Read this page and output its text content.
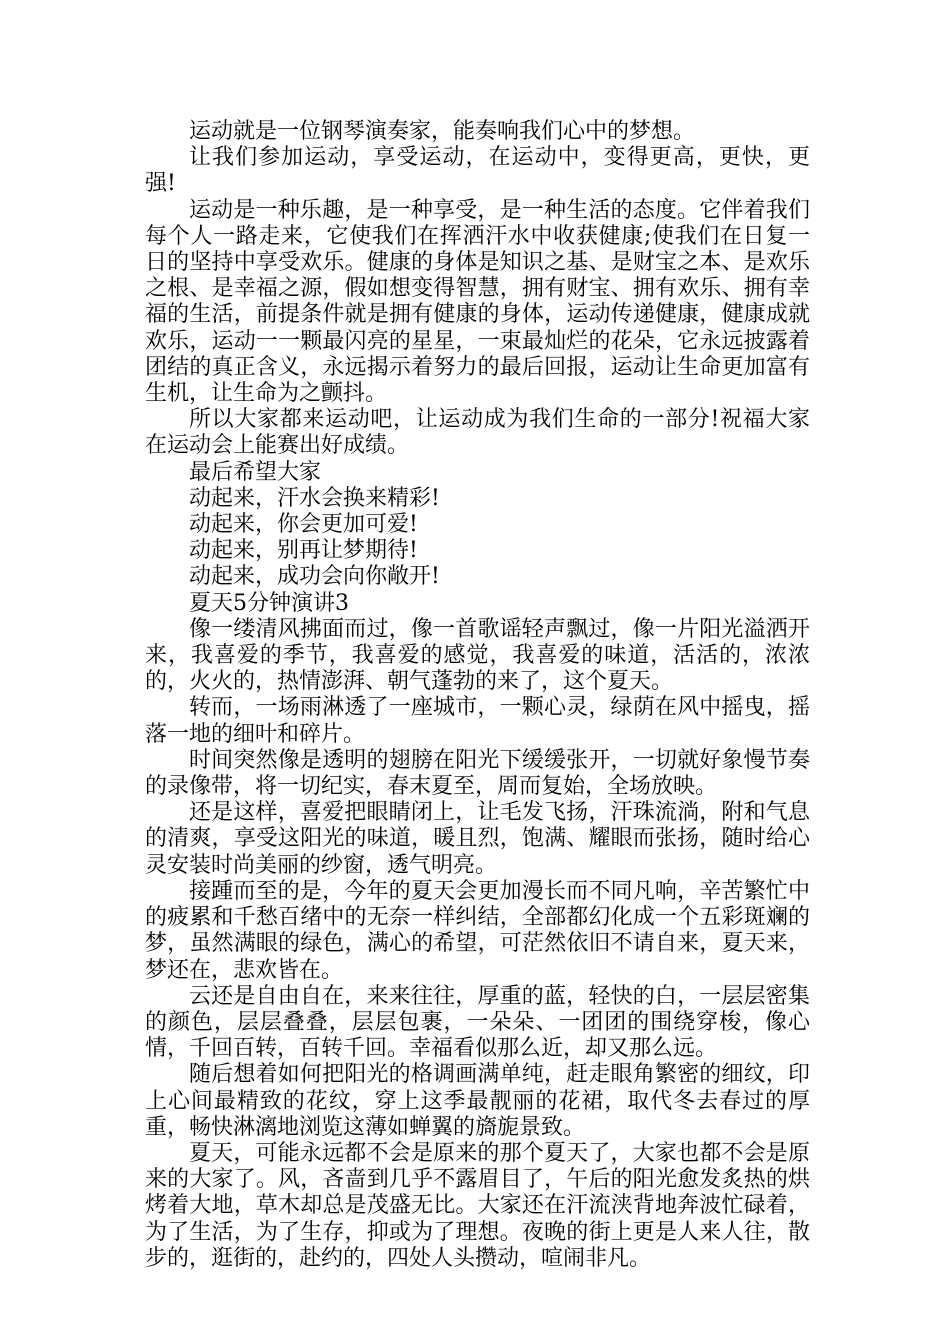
运动就是一位钢琴演奏家，能奏响我们心中的梦想。

让我们参加运动，享受运动，在运动中，变得更高，更快，更强!

运动是一种乐趣，是一种享受，是一种生活的态度。它伴着我们每个人一路走来，它使我们在挥洒汗水中收获健康;使我们在日复一日的坚持中享受欢乐。健康的身体是知识之基、是财宝之本、是欢乐之根、是幸福之源，假如想变得智慧，拥有财宝、拥有欢乐、拥有幸福的生活，前提条件就是拥有健康的身体，运动传递健康，健康成就欢乐，运动一一颗最闪亮的星星，一束最灿烂的花朵，它永远披露着团结的真正含义，永远揭示着努力的最后回报，运动让生命更加富有生机，让生命为之颤抖。

所以大家都来运动吧，让运动成为我们生命的一部分!祝福大家在运动会上能赛出好成绩。

最后希望大家

动起来，汗水会换来精彩!

动起来，你会更加可爱!

动起来，别再让梦期待!

动起来，成功会向你敞开!

夏天5分钟演讲3

像一缕清风拂面而过，像一首歌谣轻声飘过，像一片阳光溢洒开来，我喜爱的季节，我喜爱的感觉，我喜爱的味道，活活的，浓浓的，火火的，热情澎湃、朝气蓬勃的来了，这个夏天。

转而，一场雨淋透了一座城市，一颗心灵，绿荫在风中摇曳，摇落一地的细叶和碎片。

时间突然像是透明的翅膀在阳光下缓缓张开，一切就好象慢节奏的录像带，将一切纪实，春末夏至，周而复始，全场放映。

还是这样，喜爱把眼睛闭上，让毛发飞扬，汗珠流淌，附和气息的清爽，享受这阳光的味道，暖且烈，饱满、耀眼而张扬，随时给心灵安装时尚美丽的纱窗，透气明亮。

接踵而至的是，今年的夏天会更加漫长而不同凡响，辛苦繁忙中的疲累和千愁百绪中的无奈一样纠结，全部都幻化成一个五彩斑斓的梦，虽然满眼的绿色，满心的希望，可茫然依旧不请自来，夏天来，梦还在，悲欢皆在。

云还是自由自在，来来往往，厚重的蓝，轻快的白，一层层密集的颜色，层层叠叠，层层包裹，一朵朵、一团团的围绕穿梭，像心情，千回百转，百转千回。幸福看似那么近，却又那么远。

随后想着如何把阳光的格调画满单纯，赶走眼角繁密的细纹，印上心间最精致的花纹，穿上这季最靓丽的花裙，取代冬去春过的厚重，畅快淋漓地浏览这薄如蝉翼的旖旎景致。

夏天，可能永远都不会是原来的那个夏天了，大家也都不会是原来的大家了。风，吝啬到几乎不露眉目了，午后的阳光愈发炙热的烘烤着大地，草木却总是茂盛无比。大家还在汗流浃背地奔波忙碌着，为了生活，为了生存，抑或为了理想。夜晚的街上更是人来人往，散步的，逛街的，赴约的，四处人头攒动，喧闹非凡。
